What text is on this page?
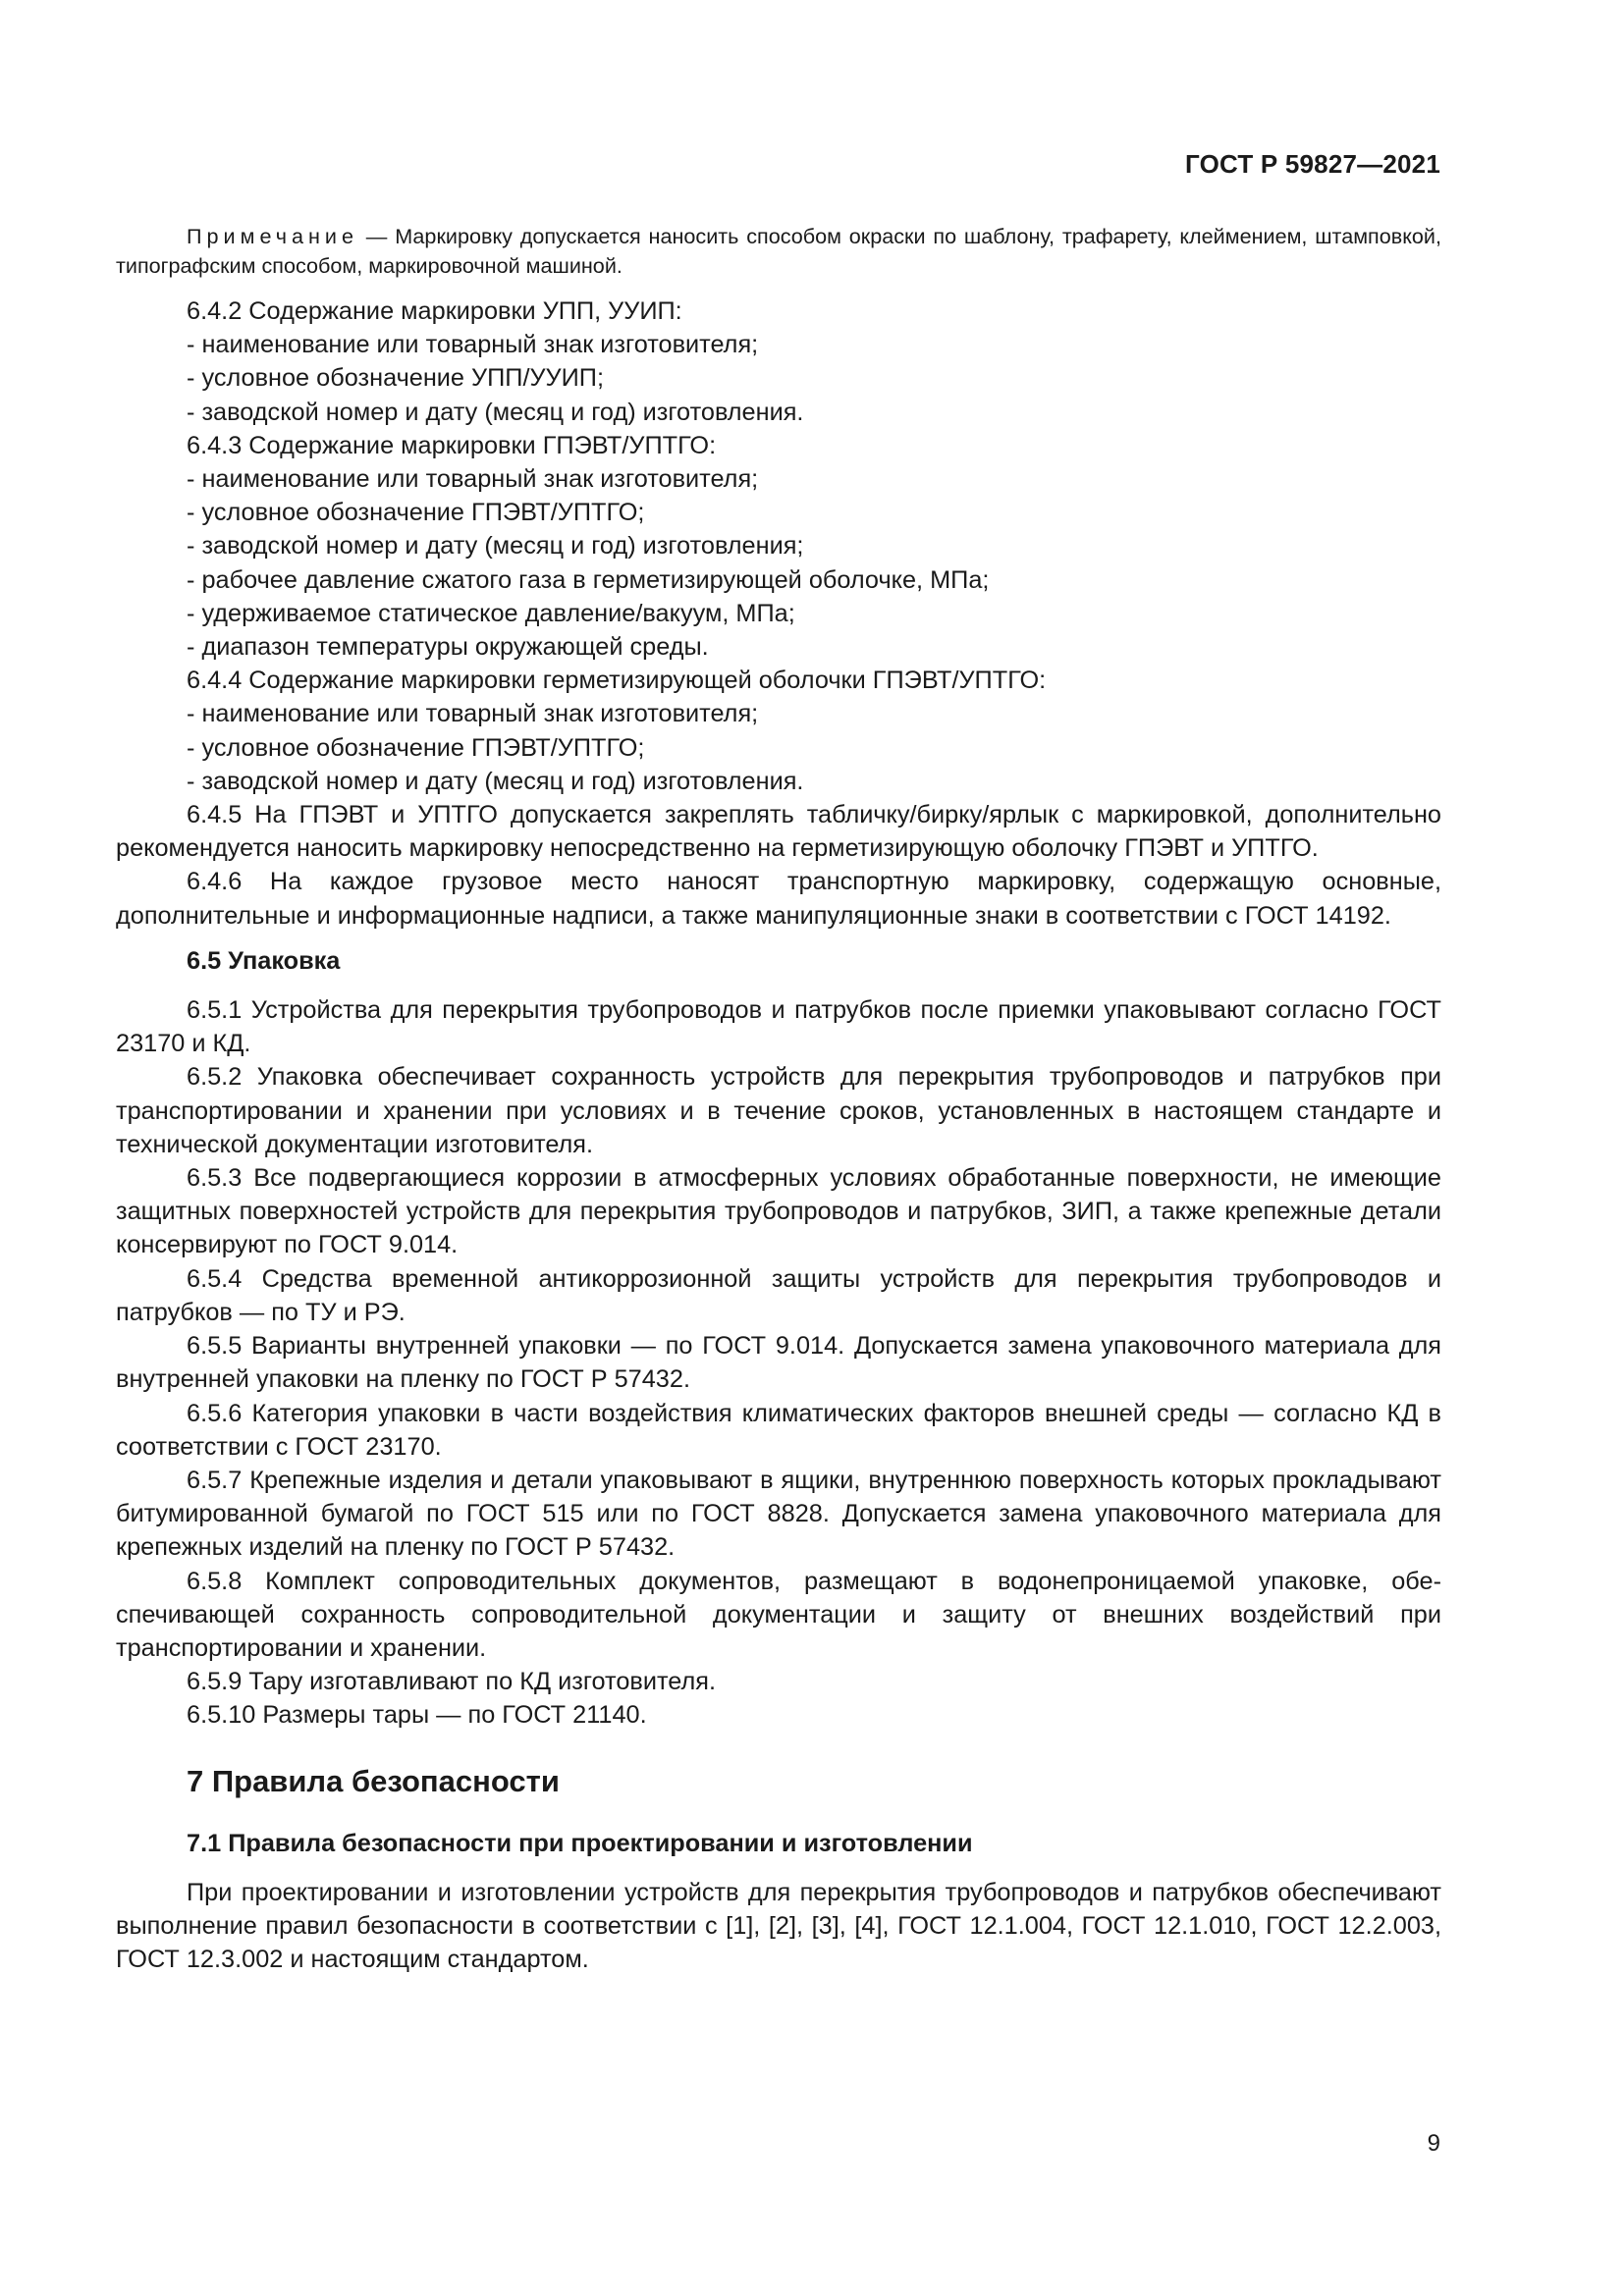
ГОСТ Р 59827—2021

Примечание — Маркировку допускается наносить способом окраски по шаблону, трафарету, клеймением, штамповкой, типографским способом, маркировочной машиной.

6.4.2 Содержание маркировки УПП, УУИП:

- наименование или товарный знак изготовителя;

- условное обозначение УПП/УУИП;

- заводской номер и дату (месяц и год) изготовления.

6.4.3 Содержание маркировки ГПЭВТ/УПТГО:

- наименование или товарный знак изготовителя;

- условное обозначение ГПЭВТ/УПТГО;

- заводской номер и дату (месяц и год) изготовления;

- рабочее давление сжатого газа в герметизирующей оболочке, МПа;

- удерживаемое статическое давление/вакуум, МПа;

- диапазон температуры окружающей среды.

6.4.4 Содержание маркировки герметизирующей оболочки ГПЭВТ/УПТГО:

- наименование или товарный знак изготовителя;

- условное обозначение ГПЭВТ/УПТГО;

- заводской номер и дату (месяц и год) изготовления.

6.4.5 На ГПЭВТ и УПТГО допускается закреплять табличку/бирку/ярлык с маркировкой, дополнительно рекомендуется наносить маркировку непосредственно на герметизирующую оболочку ГПЭВТ и УПТГО.

6.4.6 На каждое грузовое место наносят транспортную маркировку, содержащую основные, дополнительные и информационные надписи, а также манипуляционные знаки в соответствии с ГОСТ 14192.

6.5 Упаковка

6.5.1 Устройства для перекрытия трубопроводов и патрубков после приемки упаковывают согласно ГОСТ 23170 и КД.

6.5.2 Упаковка обеспечивает сохранность устройств для перекрытия трубопроводов и патрубков при транспортировании и хранении при условиях и в течение сроков, установленных в настоящем стандарте и технической документации изготовителя.

6.5.3 Все подвергающиеся коррозии в атмосферных условиях обработанные поверхности, не имеющие защитных поверхностей устройств для перекрытия трубопроводов и патрубков, ЗИП, а также крепежные детали консервируют по ГОСТ 9.014.

6.5.4 Средства временной антикоррозионной защиты устройств для перекрытия трубопроводов и патрубков — по ТУ и РЭ.

6.5.5 Варианты внутренней упаковки — по ГОСТ 9.014. Допускается замена упаковочного материала для внутренней упаковки на пленку по ГОСТ Р 57432.

6.5.6 Категория упаковки в части воздействия климатических факторов внешней среды — согласно КД в соответствии с ГОСТ 23170.

6.5.7 Крепежные изделия и детали упаковывают в ящики, внутреннюю поверхность которых прокладывают битумированной бумагой по ГОСТ 515 или по ГОСТ 8828. Допускается замена упаковочного материала для крепежных изделий на пленку по ГОСТ Р 57432.

6.5.8 Комплект сопроводительных документов, размещают в водонепроницаемой упаковке, обеспечивающей сохранность сопроводительной документации и защиту от внешних воздействий при транспортировании и хранении.

6.5.9 Тару изготавливают по КД изготовителя.

6.5.10 Размеры тары — по ГОСТ 21140.

7 Правила безопасности

7.1 Правила безопасности при проектировании и изготовлении

При проектировании и изготовлении устройств для перекрытия трубопроводов и патрубков обеспечивают выполнение правил безопасности в соответствии с [1], [2], [3], [4], ГОСТ 12.1.004, ГОСТ 12.1.010, ГОСТ 12.2.003, ГОСТ 12.3.002 и настоящим стандартом.

9
